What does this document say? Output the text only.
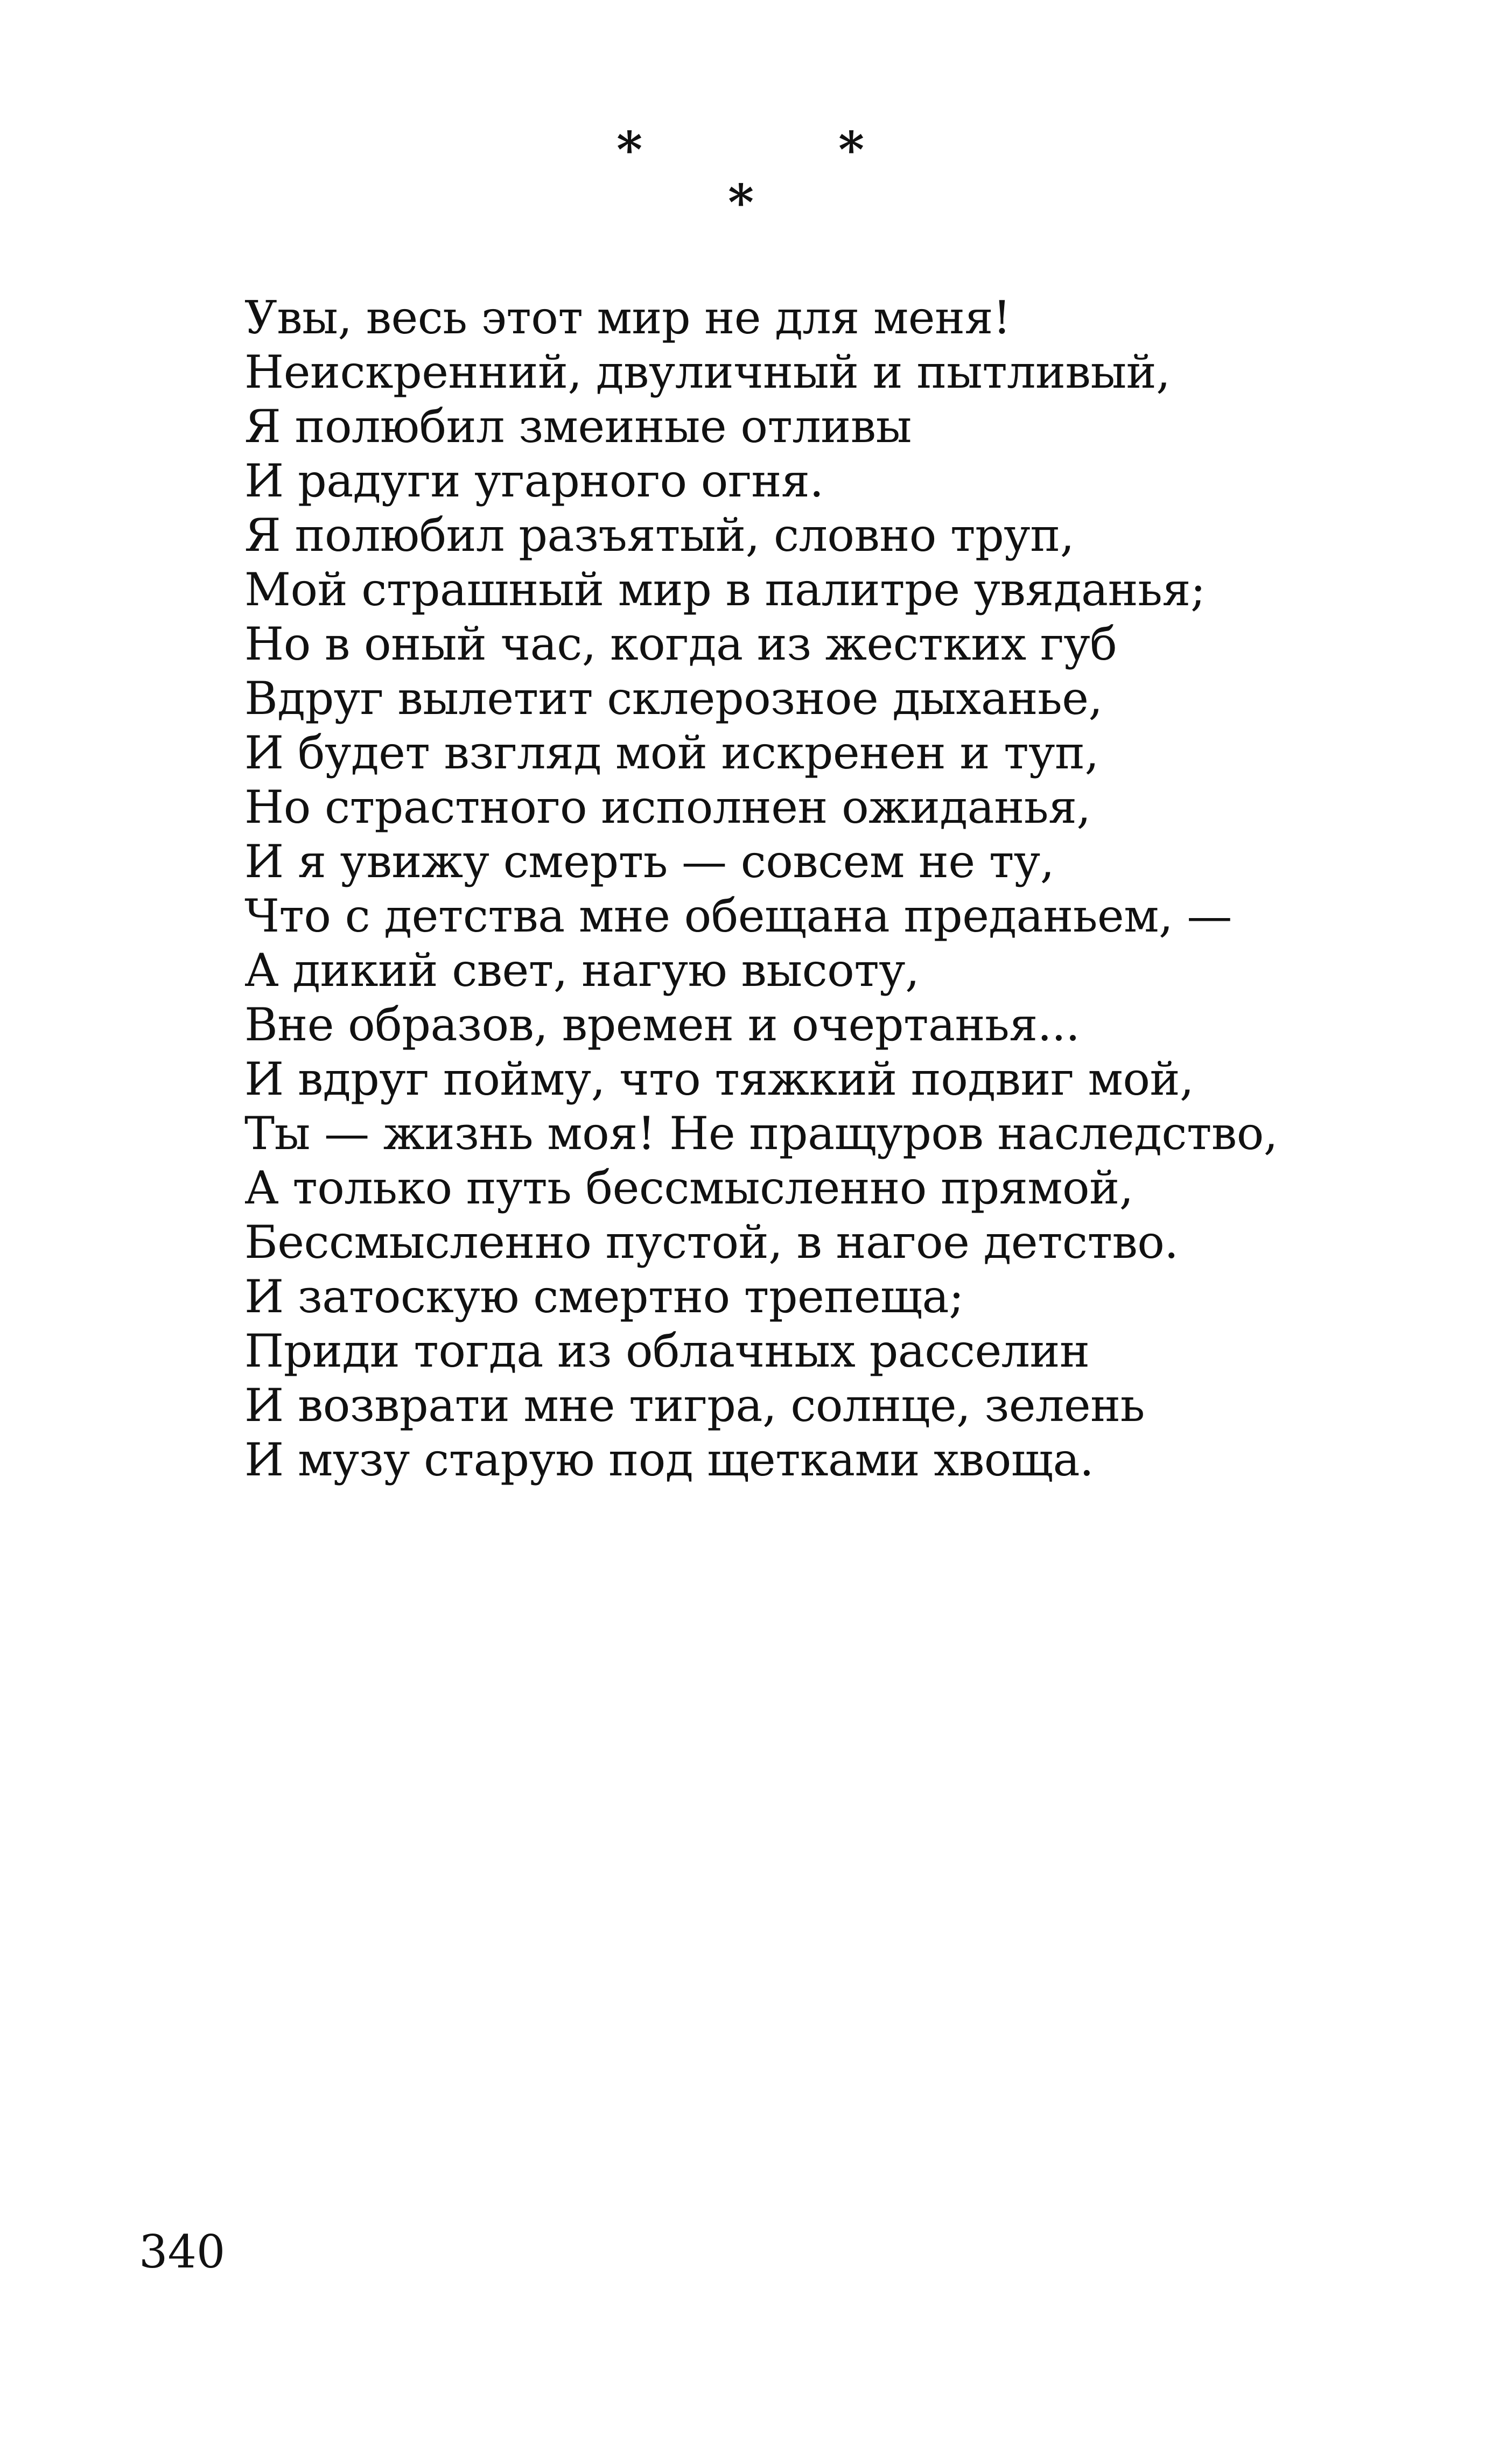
*	*
*
Увы, весь этот мир не для меня!
Неискренний, двуличный и пытливый,
Я полюбил змеиные отливы
И радуги угарного огня.
Я полюбил разъятый, словно труп,
Мой страшный мир в палитре увяданья;
Но в оный час, когда из жестких губ
Вдруг вылетит склерозное дыханье,
И будет взгляд мой искренен и туп,
Но страстного исполнен ожиданья,
И я увижу смерть — совсем не ту,
Что с детства мне обещана преданьем, —
А дикий свет, нагую высоту,
Вне образов, времен и очертанья...
И вдруг пойму, что тяжкий подвиг мой,
Ты — жизнь моя! Не пращуров наследство,
А только путь бессмысленно прямой,
Бессмысленно пустой, в нагое детство.
И затоскую смертно трепеща;
Приди тогда из облачных расселин
И возврати мне тигра, солнце, зелень
И музу старую под щетками хвоща.
340
